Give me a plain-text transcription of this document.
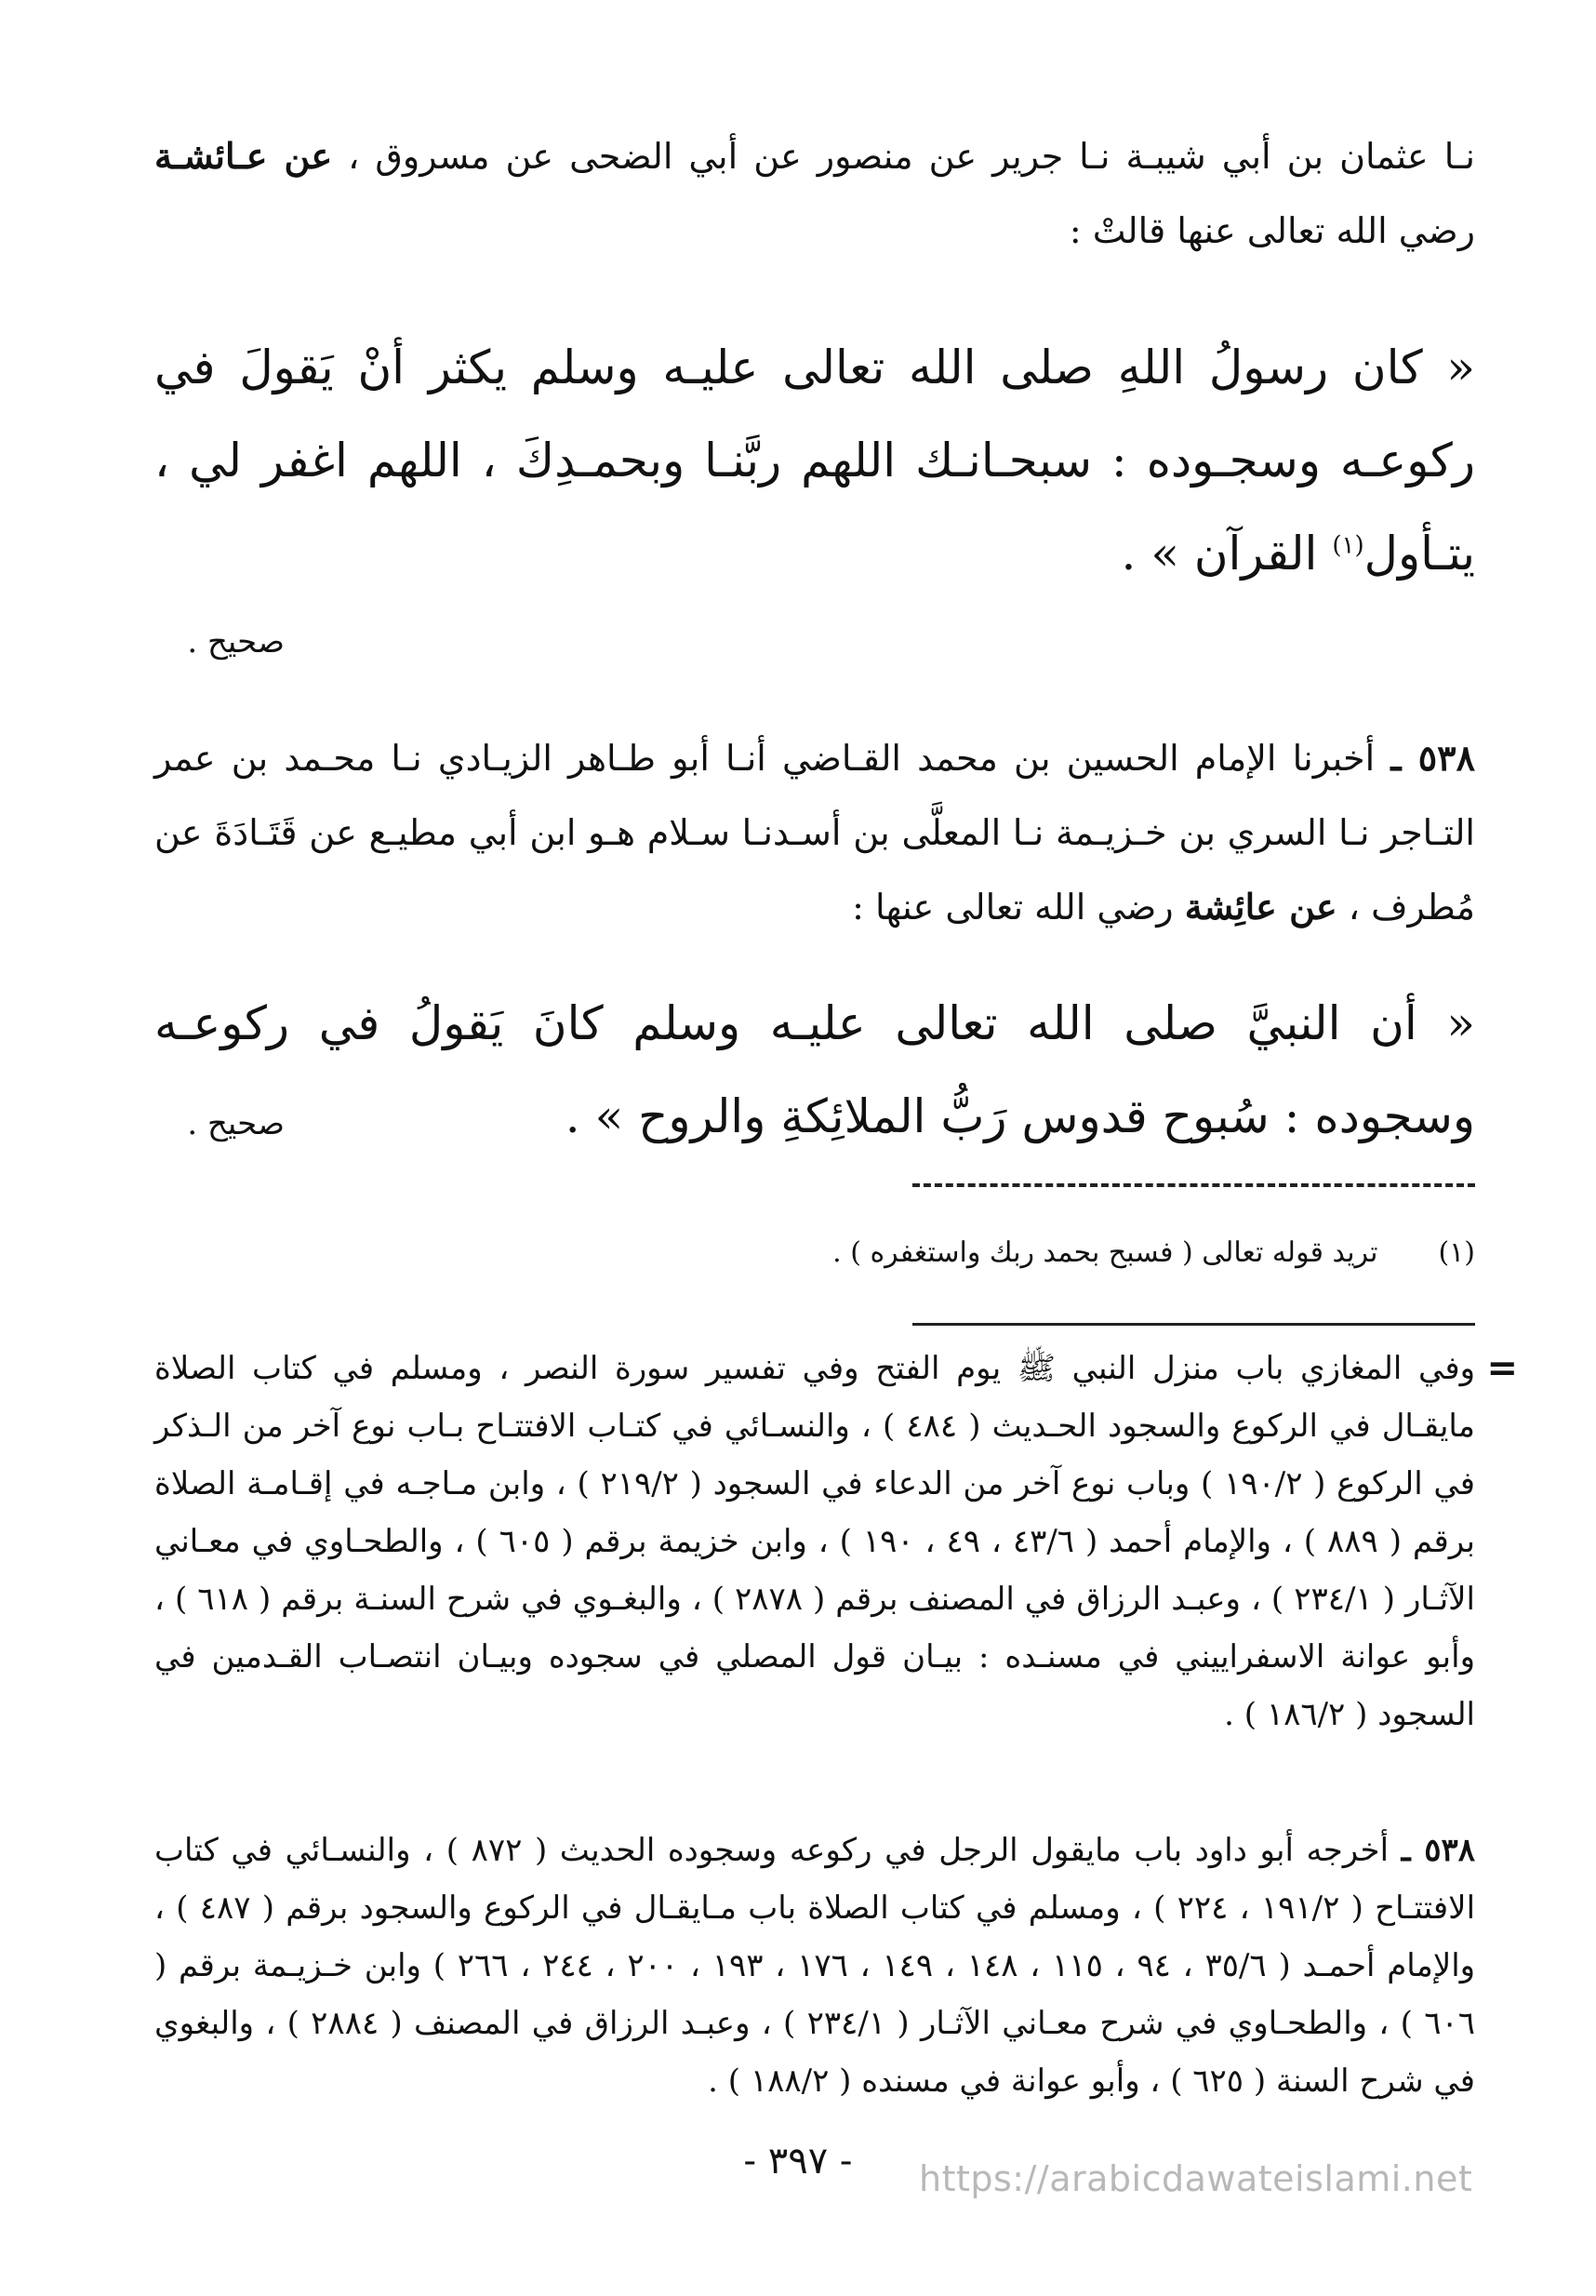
نـا عثمان بن أبي شيبـة نـا جرير عن منصور عن أبي الضحى عن مسروق ، عن عـائشـة رضي الله تعالى عنها قالتْ :

« كان رسولُ اللهِ صلى الله تعالى عليـه وسلم يكثر أنْ يَقولَ في ركوعـه وسجـوده : سبحـانـك اللهم ربَّنـا وبحمـدِكَ ، اللهم اغفر لي ، يتـأول$^{(١)}$ القرآن » .

صحيح .

٥٣٨ ـ أخبرنا الإمام الحسين بن محمد القـاضي أنـا أبو طـاهر الزيـادي نـا محـمد بن عمر التـاجر نـا السري بن خـزيـمة نـا المعلَّى بن أسـدنـا سـلام هـو ابن أبي مطيـع عن قَتَـادَةَ عن مُطرف ، عن عائِشة رضي الله تعالى عنها :

« أن النبيَّ صلى الله تعالى عليـه وسلم كانَ يَقولُ في ركوعـه وسجوده : سُبوح قدوس رَبُّ الملائِكةِ والروح » .

صحيح .
(١) تريد قوله تعالى ( فسبح بحمد ربك واستغفره ) .
=

وفي المغازي باب منزل النبي ﷺ يوم الفتح وفي تفسير سورة النصر ، ومسلم في كتاب الصلاة مايقـال في الركوع والسجود الحـديث ( ٤٨٤ ) ، والنسـائي في كتـاب الافتتـاح بـاب نوع آخر من الـذكر في الركوع ( ١٩٠/٢ ) وباب نوع آخر من الدعاء في السجود ( ٢١٩/٢ ) ، وابن مـاجـه في إقـامـة الصلاة برقم ( ٨٨٩ ) ، والإمام أحمد ( ٤٣/٦ ، ٤٩ ، ١٩٠ ) ، وابن خزيمة برقم ( ٦٠٥ ) ، والطحـاوي في معـاني الآثـار ( ٢٣٤/١ ) ، وعبـد الرزاق في المصنف برقم ( ٢٨٧٨ ) ، والبغـوي في شرح السنـة برقم ( ٦١٨ ) ، وأبو عوانة الاسفراييني في مسنـده : بيـان قول المصلي في سجوده وبيـان انتصـاب القـدمين في السجود ( ١٨٦/٢ ) .

٥٣٨ ـ أخرجه أبو داود باب مايقول الرجل في ركوعه وسجوده الحديث ( ٨٧٢ ) ، والنسـائي في كتاب الافتتـاح ( ١٩١/٢ ، ٢٢٤ ) ، ومسلم في كتاب الصلاة باب مـايقـال في الركوع والسجود برقم ( ٤٨٧ ) ، والإمام أحمـد ( ٣٥/٦ ، ٩٤ ، ١١٥ ، ١٤٨ ، ١٤٩ ، ١٧٦ ، ١٩٣ ، ٢٠٠ ، ٢٤٤ ، ٢٦٦ ) وابن خـزيـمة برقم ( ٦٠٦ ) ، والطحـاوي في شرح معـاني الآثـار ( ٢٣٤/١ ) ، وعبـد الرزاق في المصنف ( ٢٨٨٤ ) ، والبغوي في شرح السنة ( ٦٢٥ ) ، وأبو عوانة في مسنده ( ١٨٨/٢ ) .

- ٣٩٧ -	https://arabicdawateislami.net
